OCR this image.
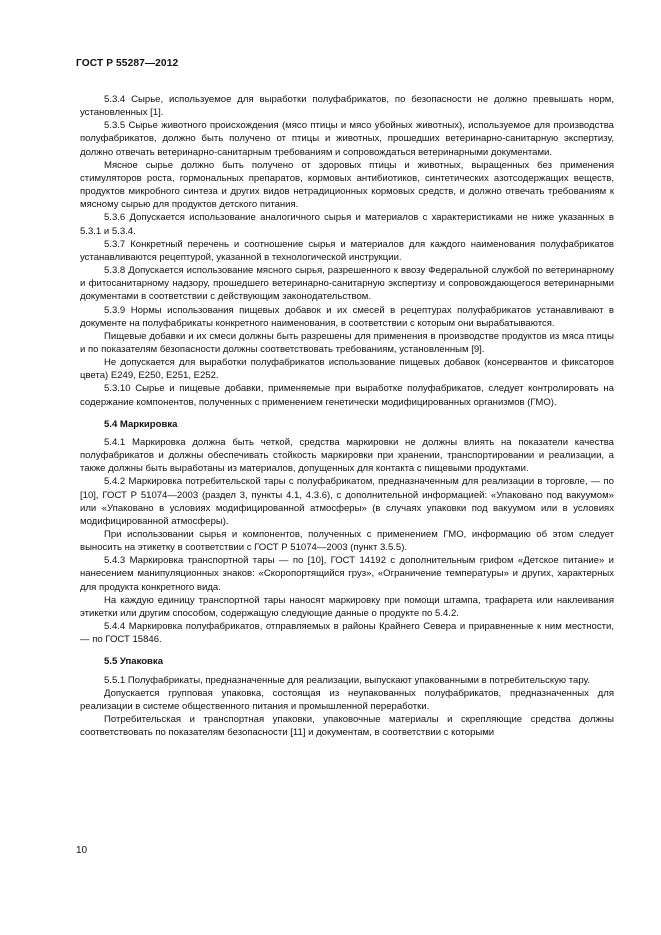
ГОСТ Р 55287—2012

5.3.4 Сырье, используемое для выработки полуфабрикатов, по безопасности не должно превышать норм, установленных [1].

5.3.5 Сырье животного происхождения (мясо птицы и мясо убойных животных), используемое для производства полуфабрикатов, должно быть получено от птицы и животных, прошедших ветеринарно-санитарную экспертизу, должно отвечать ветеринарно-санитарным требованиям и сопровождаться ветеринарными документами.

Мясное сырье должно быть получено от здоровых птицы и животных, выращенных без применения стимуляторов роста, гормональных препаратов, кормовых антибиотиков, синтетических азотсодержащих веществ, продуктов микробного синтеза и других видов нетрадиционных кормовых средств, и должно отвечать требованиям к мясному сырью для продуктов детского питания.

5.3.6 Допускается использование аналогичного сырья и материалов с характеристиками не ниже указанных в 5.3.1 и 5.3.4.

5.3.7 Конкретный перечень и соотношение сырья и материалов для каждого наименования полуфабрикатов устанавливаются рецептурой, указанной в технологической инструкции.

5.3.8 Допускается использование мясного сырья, разрешенного к ввозу Федеральной службой по ветеринарному и фитосанитарному надзору, прошедшего ветеринарно-санитарную экспертизу и сопровождающегося ветеринарными документами в соответствии с действующим законодательством.

5.3.9 Нормы использования пищевых добавок и их смесей в рецептурах полуфабрикатов устанавливают в документе на полуфабрикаты конкретного наименования, в соответствии с которым они вырабатываются.

Пищевые добавки и их смеси должны быть разрешены для применения в производстве продуктов из мяса птицы и по показателям безопасности должны соответствовать требованиям, установленным [9].

Не допускается для выработки полуфабрикатов использование пищевых добавок (консервантов и фиксаторов цвета) Е249, Е250, Е251, Е252.

5.3.10 Сырье и пищевые добавки, применяемые при выработке полуфабрикатов, следует контролировать на содержание компонентов, полученных с применением генетически модифицированных организмов (ГМО).

5.4 Маркировка

5.4.1 Маркировка должна быть четкой, средства маркировки не должны влиять на показатели качества полуфабрикатов и должны обеспечивать стойкость маркировки при хранении, транспортировании и реализации, а также должны быть выработаны из материалов, допущенных для контакта с пищевыми продуктами.

5.4.2 Маркировка потребительской тары с полуфабрикатом, предназначенным для реализации в торговле, — по [10], ГОСТ Р 51074—2003 (раздел 3, пункты 4.1, 4.3.6), с дополнительной информацией: «Упаковано под вакуумом» или «Упаковано в условиях модифицированной атмосферы» (в случаях упаковки под вакуумом или в условиях модифицированной атмосферы).

При использовании сырья и компонентов, полученных с применением ГМО, информацию об этом следует выносить на этикетку в соответствии с ГОСТ Р 51074—2003 (пункт 3.5.5).

5.4.3 Маркировка транспортной тары — по [10], ГОСТ 14192 с дополнительным грифом «Детское питание» и нанесением манипуляционных знаков: «Скоропортящийся груз», «Ограничение температуры» и других, характерных для продукта конкретного вида.

На каждую единицу транспортной тары наносят маркировку при помощи штампа, трафарета или наклеивания этикетки или другим способом, содержащую следующие данные о продукте по 5.4.2.

5.4.4 Маркировка полуфабрикатов, отправляемых в районы Крайнего Севера и приравненные к ним местности, — по ГОСТ 15846.

5.5 Упаковка

5.5.1 Полуфабрикаты, предназначенные для реализации, выпускают упакованными в потребительскую тару.

Допускается групповая упаковка, состоящая из неупакованных полуфабрикатов, предназначенных для реализации в системе общественного питания и промышленной переработки.

Потребительская и транспортная упаковки, упаковочные материалы и скрепляющие средства должны соответствовать по показателям безопасности [11] и документам, в соответствии с которыми

10
